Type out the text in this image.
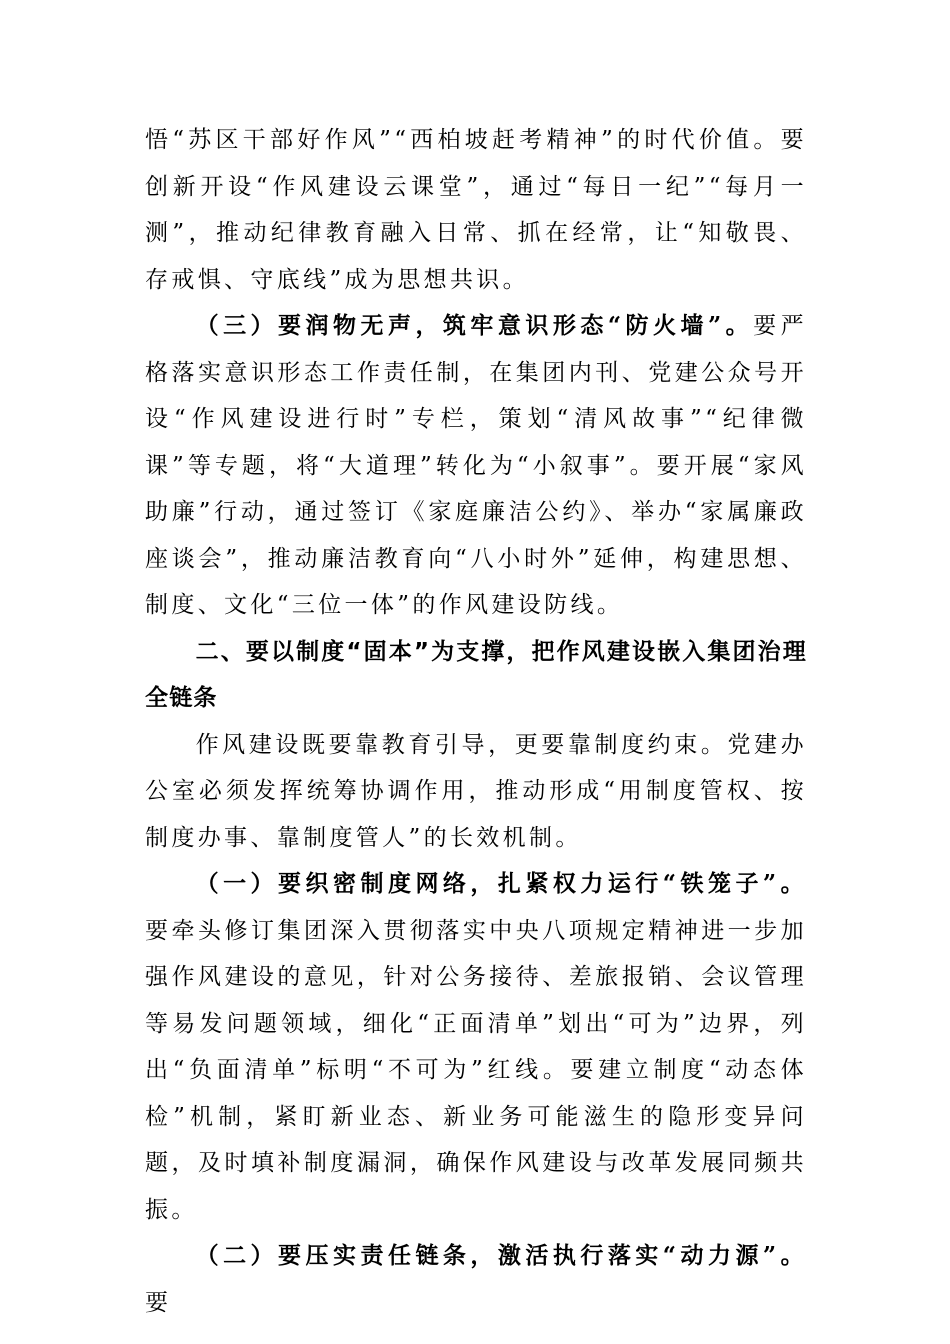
悟“苏区干部好作风”“西柏坡赶考精神”的时代价值。要创新开设“作风建设云课堂”，通过“每日一纪”“每月一测”，推动纪律教育融入日常、抓在经常，让“知敬畏、存戒惧、守底线”成为思想共识。

（三）要润物无声，筑牢意识形态“防火墙”。要严格落实意识形态工作责任制，在集团内刊、党建公众号开设“作风建设进行时”专栏，策划“清风故事”“纪律微课”等专题，将“大道理”转化为“小叙事”。要开展“家风助廉”行动，通过签订《家庭廉洁公约》、举办“家属廉政座谈会”，推动廉洁教育向“八小时外”延伸，构建思想、制度、文化“三位一体”的作风建设防线。

二、要以制度“固本”为支撑，把作风建设嵌入集团治理全链条

作风建设既要靠教育引导，更要靠制度约束。党建办公室必须发挥统筹协调作用，推动形成“用制度管权、按制度办事、靠制度管人”的长效机制。

（一）要织密制度网络，扎紧权力运行“铁笼子”。要牵头修订集团深入贯彻落实中央八项规定精神进一步加强作风建设的意见，针对公务接待、差旅报销、会议管理等易发问题领域，细化“正面清单”划出“可为”边界，列出“负面清单”标明“不可为”红线。要建立制度“动态体检”机制，紧盯新业态、新业务可能滋生的隐形变异问题，及时填补制度漏洞，确保作风建设与改革发展同频共振。

（二）要压实责任链条，激活执行落实“动力源”。要
